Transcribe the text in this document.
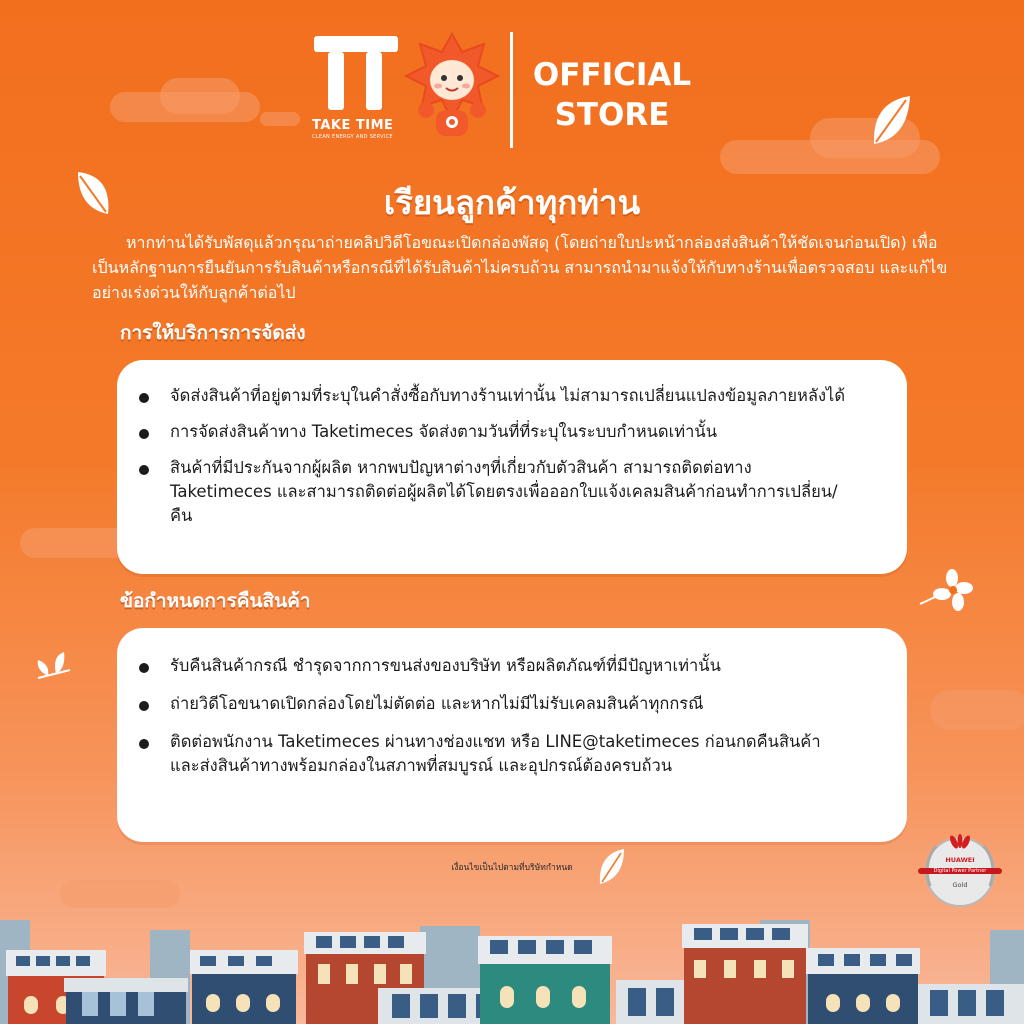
TAKE TIME
CLEAN ENERGY AND SERVICE
OFFICIAL
STORE
เรียนลูกค้าทุกท่าน
หากท่านได้รับพัสดุแล้วกรุณาถ่ายคลิปวิดีโอขณะเปิดกล่องพัสดุ (โดยถ่ายใบปะหน้ากล่องส่งสินค้าให้ชัดเจนก่อนเปิด) เพื่อเป็นหลักฐานการยืนยันการรับสินค้าหรือกรณีที่ได้รับสินค้าไม่ครบถ้วน สามารถนำมาแจ้งให้กับทางร้านเพื่อตรวจสอบ และแก้ไขอย่างเร่งด่วนให้กับลูกค้าต่อไป
การให้บริการการจัดส่ง
จัดส่งสินค้าที่อยู่ตามที่ระบุในคำสั่งซื้อกับทางร้านเท่านั้น ไม่สามารถเปลี่ยนแปลงข้อมูลภายหลังได้
การจัดส่งสินค้าทาง Taketimeces จัดส่งตามวันที่ที่ระบุในระบบกำหนดเท่านั้น
สินค้าที่มีประกันจากผู้ผลิต หากพบปัญหาต่างๆที่เกี่ยวกับตัวสินค้า สามารถติดต่อทาง Taketimeces และสามารถติดต่อผู้ผลิตได้โดยตรงเพื่อออกใบแจ้งเคลมสินค้าก่อนทำการเปลี่ยน/คืน
ข้อกำหนดการคืนสินค้า
รับคืนสินค้ากรณี ชำรุดจากการขนส่งของบริษัท หรือผลิตภัณฑ์ที่มีปัญหาเท่านั้น
ถ่ายวิดีโอขนาดเปิดกล่องโดยไม่ตัดต่อ และหากไม่มีไม่รับเคลมสินค้าทุกกรณี
ติดต่อพนักงาน Taketimeces ผ่านทางช่องแชท หรือ LINE@taketimeces ก่อนกดคืนสินค้า และส่งสินค้าทางพร้อมกล่องในสภาพที่สมบูรณ์ และอุปกรณ์ต้องครบถ้วน
เงื่อนไขเป็นไปตามที่บริษัทกำหนด
HUAWEI
Digital Power Partner
Gold
